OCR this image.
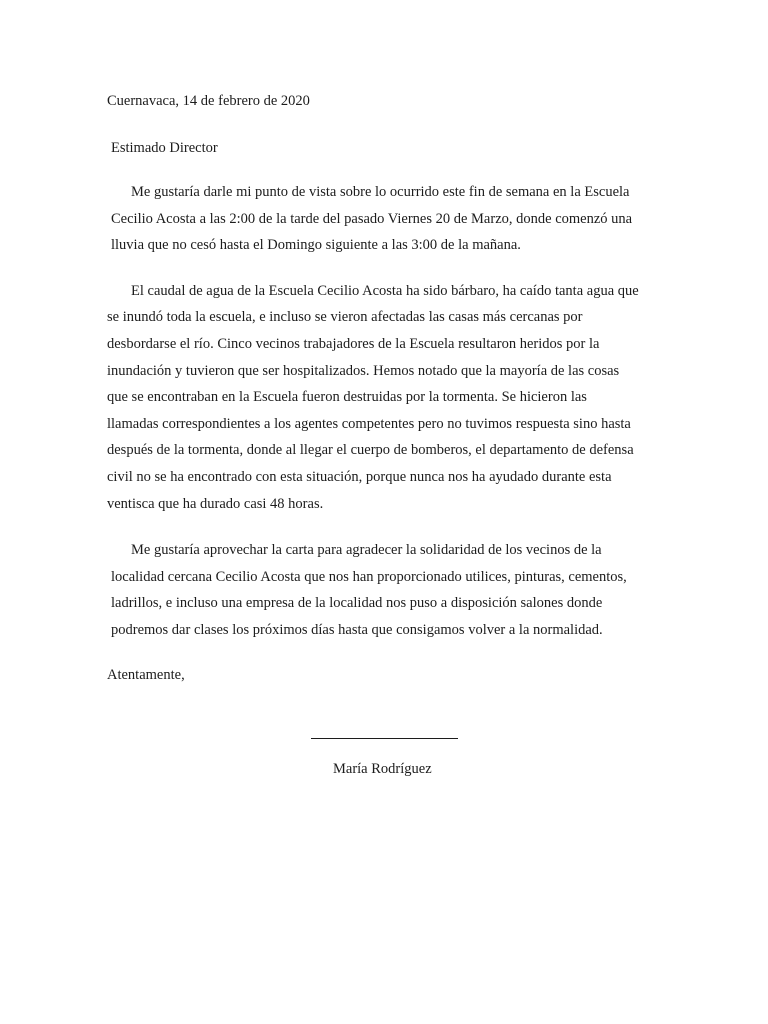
Cuernavaca, 14 de febrero de 2020
Estimado Director
Me gustaría darle mi punto de vista sobre lo ocurrido este fin de semana en la Escuela
Cecilio Acosta a las 2:00 de la tarde del pasado Viernes 20 de Marzo, donde comenzó una
lluvia que no cesó hasta el Domingo siguiente a las 3:00 de la mañana.
El caudal de agua de la Escuela Cecilio Acosta ha sido bárbaro, ha caído tanta agua que
se inundó toda la escuela, e incluso se vieron afectadas las casas más cercanas por
desbordarse el río. Cinco vecinos trabajadores de la Escuela resultaron heridos por la
inundación y tuvieron que ser hospitalizados. Hemos notado que la mayoría de las cosas
que se encontraban en la Escuela fueron destruidas por la tormenta. Se hicieron las
llamadas correspondientes a los agentes competentes pero no tuvimos respuesta sino hasta
después de la tormenta, donde al llegar el cuerpo de bomberos, el departamento de defensa
civil no se ha encontrado con esta situación, porque nunca nos ha ayudado durante esta
ventisca que ha durado casi 48 horas.
Me gustaría aprovechar la carta para agradecer la solidaridad de los vecinos de la
localidad cercana Cecilio Acosta que nos han proporcionado utilices, pinturas, cementos,
ladrillos, e incluso una empresa de la localidad nos puso a disposición salones donde
podremos dar clases los próximos días hasta que consigamos volver a la normalidad.
Atentamente,
María Rodríguez
